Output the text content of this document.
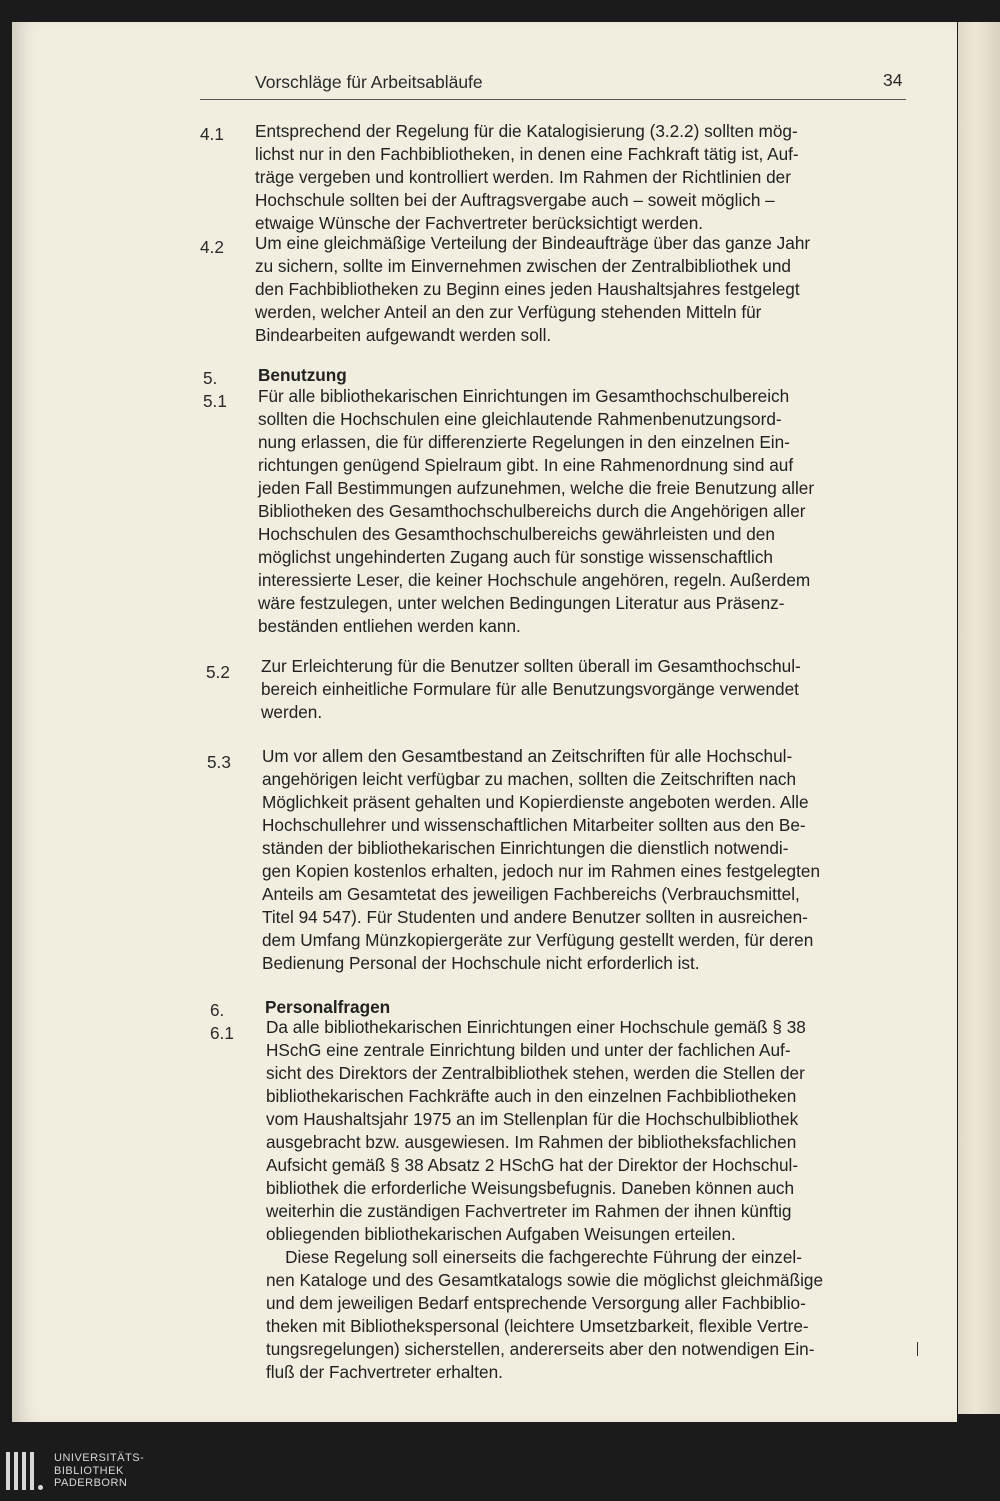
Vorschläge für Arbeitsabläufe	34
4.1 Entsprechend der Regelung für die Katalogisierung (3.2.2) sollten mög-
lichst nur in den Fachbibliotheken, in denen eine Fachkraft tätig ist, Auf-
träge vergeben und kontrolliert werden. Im Rahmen der Richtlinien der
Hochschule sollten bei der Auftragsvergabe auch – soweit möglich –
etwaige Wünsche der Fachvertreter berücksichtigt werden.
4.2 Um eine gleichmäßige Verteilung der Bindeaufträge über das ganze Jahr
zu sichern, sollte im Einvernehmen zwischen der Zentralbibliothek und
den Fachbibliotheken zu Beginn eines jeden Haushaltsjahres festgelegt
werden, welcher Anteil an den zur Verfügung stehenden Mitteln für
Bindearbeiten aufgewandt werden soll.
5. Benutzung
5.1 Für alle bibliothekarischen Einrichtungen im Gesamthochschulbereich
sollten die Hochschulen eine gleichlautende Rahmenbenutzungsord-
nung erlassen, die für differenzierte Regelungen in den einzelnen Ein-
richtungen genügend Spielraum gibt. In eine Rahmenordnung sind auf
jeden Fall Bestimmungen aufzunehmen, welche die freie Benutzung aller
Bibliotheken des Gesamthochschulbereichs durch die Angehörigen aller
Hochschulen des Gesamthochschulbereichs gewährleisten und den
möglichst ungehinderten Zugang auch für sonstige wissenschaftlich
interessierte Leser, die keiner Hochschule angehören, regeln. Außerdem
wäre festzulegen, unter welchen Bedingungen Literatur aus Präsenz-
beständen entliehen werden kann.
5.2 Zur Erleichterung für die Benutzer sollten überall im Gesamthochschul-
bereich einheitliche Formulare für alle Benutzungsvorgänge verwendet
werden.
5.3 Um vor allem den Gesamtbestand an Zeitschriften für alle Hochschul-
angehörigen leicht verfügbar zu machen, sollten die Zeitschriften nach
Möglichkeit präsent gehalten und Kopierdienste angeboten werden. Alle
Hochschullehrer und wissenschaftlichen Mitarbeiter sollten aus den Be-
ständen der bibliothekarischen Einrichtungen die dienstlich notwendi-
gen Kopien kostenlos erhalten, jedoch nur im Rahmen eines festgelegten
Anteils am Gesamtetat des jeweiligen Fachbereichs (Verbrauchsmittel,
Titel 94 547). Für Studenten und andere Benutzer sollten in ausreichen-
dem Umfang Münzkopiergeräte zur Verfügung gestellt werden, für deren
Bedienung Personal der Hochschule nicht erforderlich ist.
6. Personalfragen
6.1 Da alle bibliothekarischen Einrichtungen einer Hochschule gemäß § 38
HSchG eine zentrale Einrichtung bilden und unter der fachlichen Auf-
sicht des Direktors der Zentralbibliothek stehen, werden die Stellen der
bibliothekarischen Fachkräfte auch in den einzelnen Fachbibliotheken
vom Haushaltsjahr 1975 an im Stellenplan für die Hochschulbibliothek
ausgebracht bzw. ausgewiesen. Im Rahmen der bibliotheksfachlichen
Aufsicht gemäß § 38 Absatz 2 HSchG hat der Direktor der Hochschul-
bibliothek die erforderliche Weisungsbefugnis. Daneben können auch
weiterhin die zuständigen Fachvertreter im Rahmen der ihnen künftig
obliegenden bibliothekarischen Aufgaben Weisungen erteilen.
Diese Regelung soll einerseits die fachgerechte Führung der einzel-
nen Kataloge und des Gesamtkatalogs sowie die möglichst gleichmäßige
und dem jeweiligen Bedarf entsprechende Versorgung aller Fachbiblio-
theken mit Bibliothekspersonal (leichtere Umsetzbarkeit, flexible Vertre-
tungsregelungen) sicherstellen, andererseits aber den notwendigen Ein-
fluß der Fachvertreter erhalten.
UNIVERSITÄTS-
BIBLIOTHEK
PADERBORN
